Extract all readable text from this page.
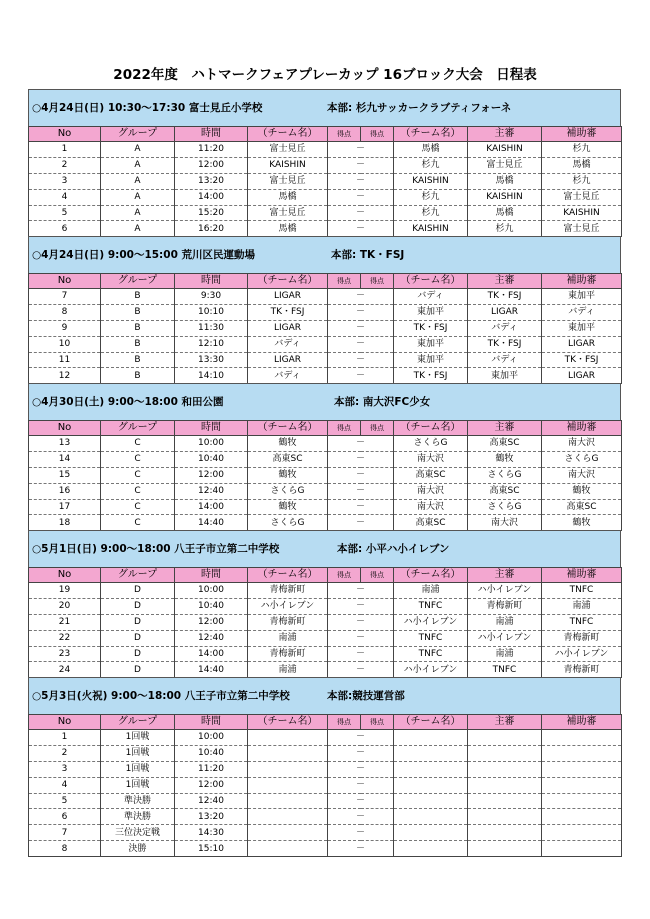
2022年度　ハトマークフェアプレーカップ 16ブロック大会　日程表
○4月24日(日) 10:30～17:30 富士見丘小学校	本部: 杉九サッカークラブティフォーネ
No	グループ	時間	（チーム名）	得点	得点	（チーム名）	主審	補助審
1	A	11:20	富士見丘	－		馬橋	KAISHIN	杉九
2	A	12:00	KAISHIN	－		杉九	富士見丘	馬橋
3	A	13:20	富士見丘	－		KAISHIN	馬橋	杉九
4	A	14:00	馬橋	－		杉九	KAISHIN	富士見丘
5	A	15:20	富士見丘	－		杉九	馬橋	KAISHIN
6	A	16:20	馬橋	－		KAISHIN	杉九	富士見丘
○4月24日(日) 9:00～15:00 荒川区民運動場	本部: TK・FSJ
No	グループ	時間	（チーム名）	得点	得点	（チーム名）	主審	補助審
7	B	9:30	LIGAR	－		バディ	TK・FSJ	東加平
8	B	10:10	TK・FSJ	－		東加平	LIGAR	バディ
9	B	11:30	LIGAR	－		TK・FSJ	バディ	東加平
10	B	12:10	バディ	－		東加平	TK・FSJ	LIGAR
11	B	13:30	LIGAR	－		東加平	バディ	TK・FSJ
12	B	14:10	バディ	－		TK・FSJ	東加平	LIGAR
○4月30日(土) 9:00～18:00 和田公園	本部: 南大沢FC少女
No	グループ	時間	（チーム名）	得点	得点	（チーム名）	主審	補助審
13	C	10:00	鶴牧	－		さくらG	高東SC	南大沢
14	C	10:40	高東SC	－		南大沢	鶴牧	さくらG
15	C	12:00	鶴牧	－		高東SC	さくらG	南大沢
16	C	12:40	さくらG	－		南大沢	高東SC	鶴牧
17	C	14:00	鶴牧	－		南大沢	さくらG	高東SC
18	C	14:40	さくらG	－		高東SC	南大沢	鶴牧
○5月1日(日) 9:00～18:00 八王子市立第二中学校	本部: 小平ハ小イレブン
No	グループ	時間	（チーム名）	得点	得点	（チーム名）	主審	補助審
19	D	10:00	青梅新町	－		南浦	ハ小イレブン	TNFC
20	D	10:40	ハ小イレブン	－		TNFC	青梅新町	南浦
21	D	12:00	青梅新町	－		ハ小イレブン	南浦	TNFC
22	D	12:40	南浦	－		TNFC	ハ小イレブン	青梅新町
23	D	14:00	青梅新町	－		TNFC	南浦	ハ小イレブン
24	D	14:40	南浦	－		ハ小イレブン	TNFC	青梅新町
○5月3日(火祝) 9:00～18:00 八王子市立第二中学校	本部:競技運営部
No	グループ	時間	（チーム名）	得点	得点	（チーム名）	主審	補助審
1	1回戦	10:00		－				
2	1回戦	10:40		－				
3	1回戦	11:20		－				
4	1回戦	12:00		－				
5	準決勝	12:40		－				
6	準決勝	13:20		－				
7	三位決定戦	14:30		－				
8	決勝	15:10		－				
